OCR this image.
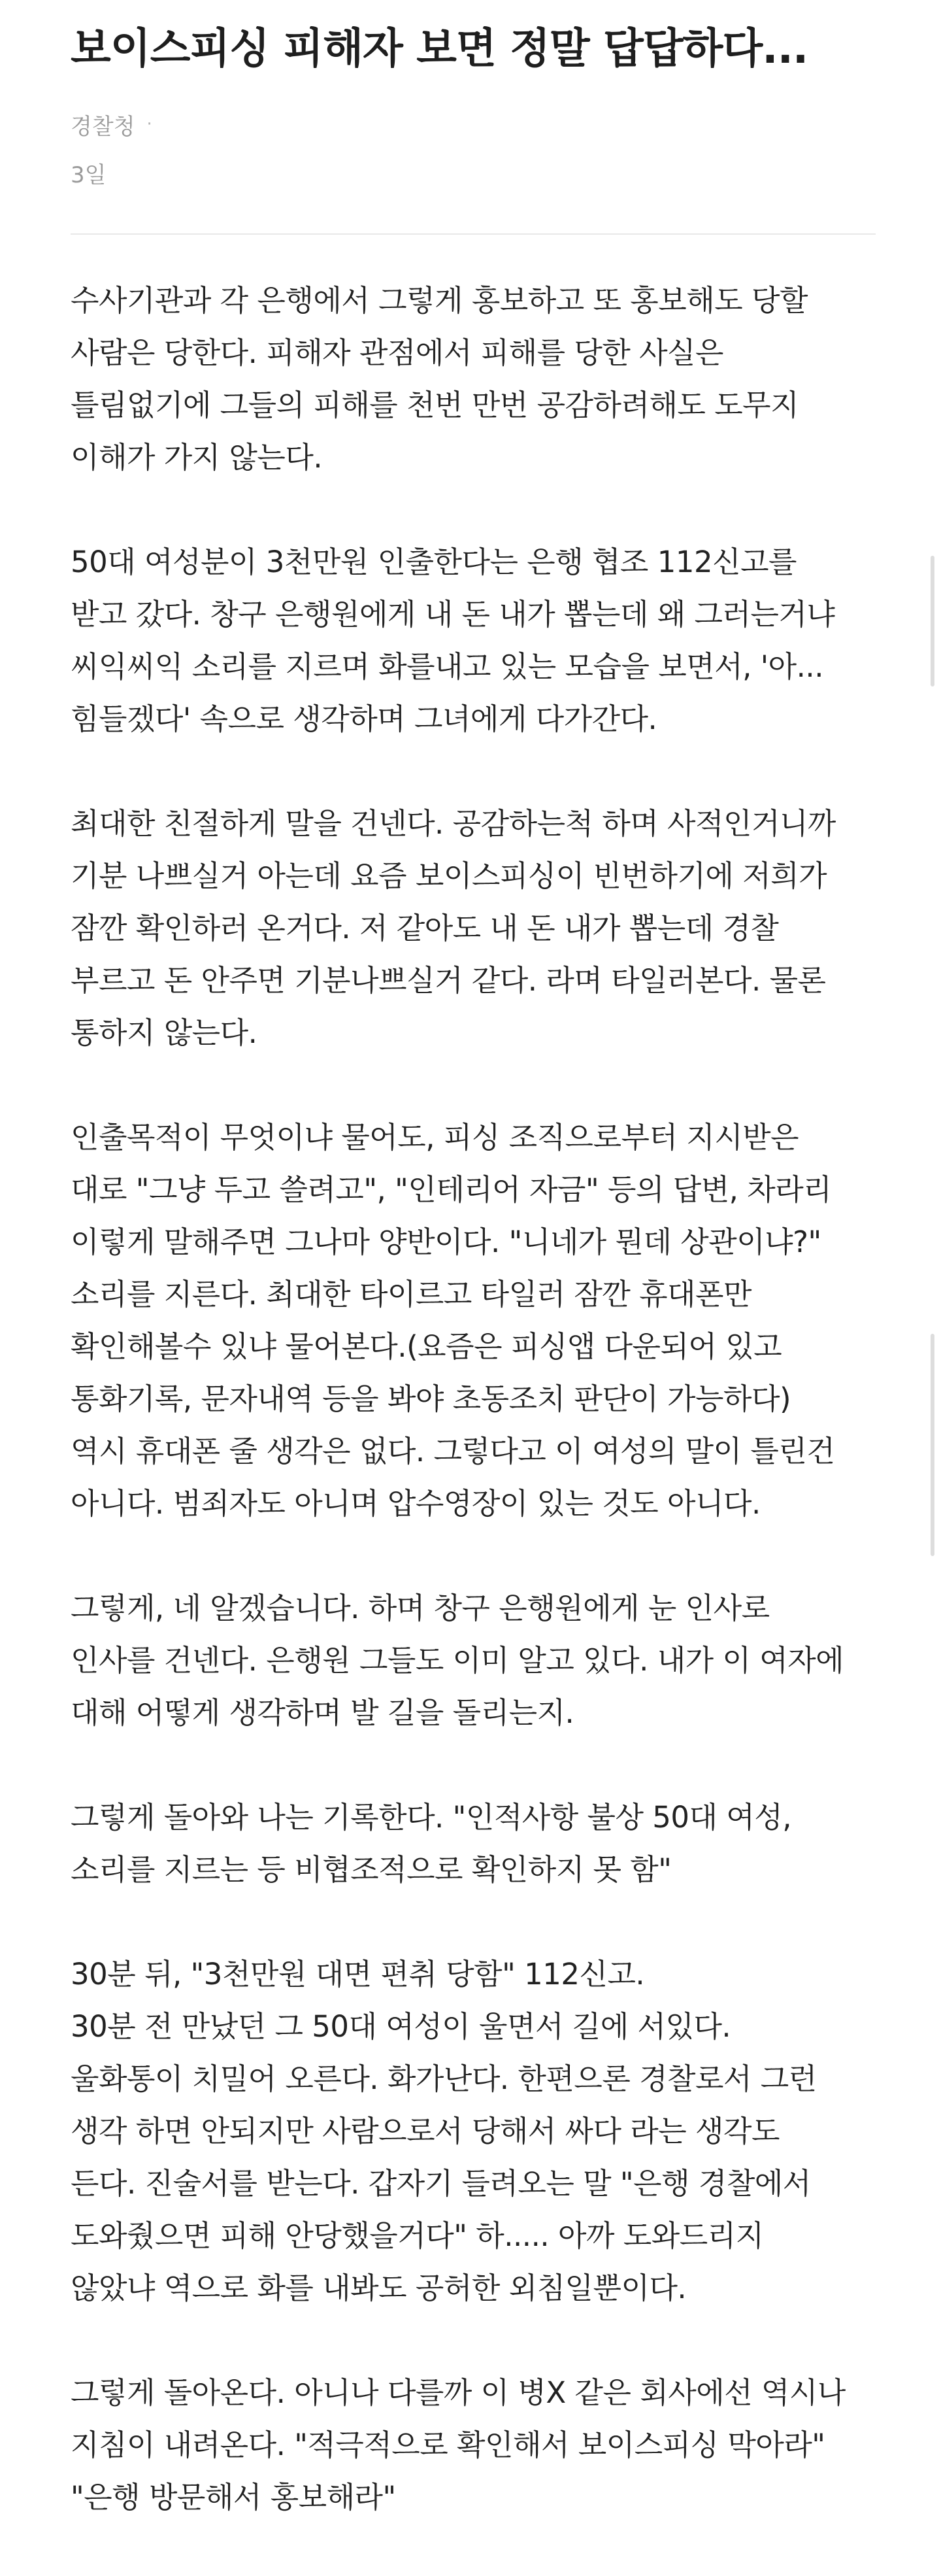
보이스피싱 피해자 보면 정말 답답하다...
경찰청 ·
3일
수사기관과 각 은행에서 그렇게 홍보하고 또 홍보해도 당할
사람은 당한다. 피해자 관점에서 피해를 당한 사실은
틀림없기에 그들의 피해를 천번 만번 공감하려해도 도무지
이해가 가지 않는다.
50대 여성분이 3천만원 인출한다는 은행 협조 112신고를
받고 갔다. 창구 은행원에게 내 돈 내가 뽑는데 왜 그러는거냐
씨익씨익 소리를 지르며 화를내고 있는 모습을 보면서, '아...
힘들겠다' 속으로 생각하며 그녀에게 다가간다.
최대한 친절하게 말을 건넨다. 공감하는척 하며 사적인거니까
기분 나쁘실거 아는데 요즘 보이스피싱이 빈번하기에 저희가
잠깐 확인하러 온거다. 저 같아도 내 돈 내가 뽑는데 경찰
부르고 돈 안주면 기분나쁘실거 같다. 라며 타일러본다. 물론
통하지 않는다.
인출목적이 무엇이냐 물어도, 피싱 조직으로부터 지시받은
대로 "그냥 두고 쓸려고", "인테리어 자금" 등의 답변, 차라리
이렇게 말해주면 그나마 양반이다. "니네가 뭔데 상관이냐?"
소리를 지른다. 최대한 타이르고 타일러 잠깐 휴대폰만
확인해볼수 있냐 물어본다.(요즘은 피싱앱 다운되어 있고
통화기록, 문자내역 등을 봐야 초동조치 판단이 가능하다)
역시 휴대폰 줄 생각은 없다. 그렇다고 이 여성의 말이 틀린건
아니다. 범죄자도 아니며 압수영장이 있는 것도 아니다.
그렇게, 네 알겠습니다. 하며 창구 은행원에게 눈 인사로
인사를 건넨다. 은행원 그들도 이미 알고 있다. 내가 이 여자에
대해 어떻게 생각하며 발 길을 돌리는지.
그렇게 돌아와 나는 기록한다. "인적사항 불상 50대 여성,
소리를 지르는 등 비협조적으로 확인하지 못 함"
30분 뒤, "3천만원 대면 편취 당함" 112신고.
30분 전 만났던 그 50대 여성이 울면서 길에 서있다.
울화통이 치밀어 오른다. 화가난다. 한편으론 경찰로서 그런
생각 하면 안되지만 사람으로서 당해서 싸다 라는 생각도
든다. 진술서를 받는다. 갑자기 들려오는 말 "은행 경찰에서
도와줬으면 피해 안당했을거다" 하..... 아까 도와드리지
않았냐 역으로 화를 내봐도 공허한 외침일뿐이다.
그렇게 돌아온다. 아니나 다를까 이 병X 같은 회사에선 역시나
지침이 내려온다. "적극적으로 확인해서 보이스피싱 막아라"
"은행 방문해서 홍보해라"
